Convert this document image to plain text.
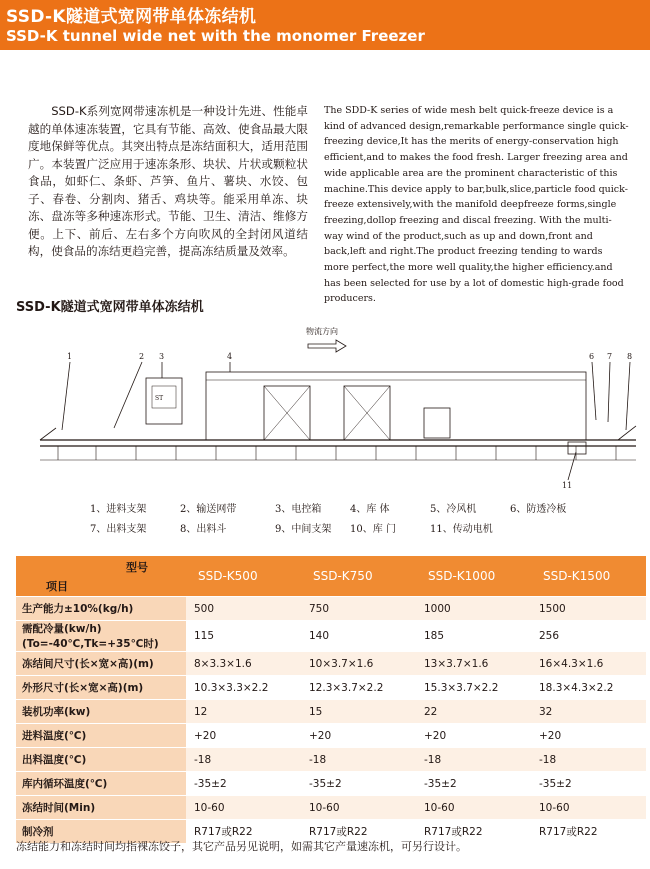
SSD-K隧道式宽网带单体冻结机
SSD-K tunnel wide net with the monomer Freezer
SSD-K系列宽网带速冻机是一种设计先进、性能卓越的单体速冻装置，它具有节能、高效、使食品最大限度地保鲜等优点。其突出特点是冻结面积大，适用范围广。本装置广泛应用于速冻条形、块状、片状或颗粒状食品，如虾仁、条虾、芦笋、鱼片、薯块、水饺、包子、春卷、分割肉、猪舌、鸡块等。能采用单冻、块冻、盘冻等多种速冻形式。节能、卫生、清洁、维修方便。上下、前后、左右多个方向吹风的全封闭风道结构，使食品的冻结更趋完善，提高冻结质量及效率。
The SDD-K series of wide mesh belt quick-freeze device is a kind of advanced design,remarkable performance single quick-freezing device,It has the merits of energy-conservation high efficient,and to makes the food fresh. Larger freezing area and wide applicable area are the prominent characteristic of this machine.This device apply to bar,bulk,slice,particle food quick-freeze extensively,with the manifold deepfreeze forms,single freezing,dollop freezing and discal freezing. With the multi-way wind of the product,such as up and down,front and back,left and right.The product freezing tending to wards more perfect,the more well quality,the higher efficiency.and has been selected for use by a lot of domestic high-grade food producers.
SSD-K隧道式宽网带单体冻结机
物流方向
1	2 3	4	6 7 8
11
ST
1、进料支架	2、输送网带	3、电控箱	4、库 体	5、冷风机	6、防透冷板
7、出料支架	8、出料斗	9、中间支架 10、库 门	11、传动电机
型号
项目	SSD-K500	SSD-K750	SSD-K1000	SSD-K1500
生产能力±10%(kg/h)	500	750	1000	1500
需配冷量(kw/h)(To=-40℃,Tk=+35℃时)	115	140	185	256
冻结间尺寸(长×宽×高)(m)	8×3.3×1.6	10×3.7×1.6	13×3.7×1.6	16×4.3×1.6
外形尺寸(长×宽×高)(m)	10.3×3.3×2.2	12.3×3.7×2.2	15.3×3.7×2.2	18.3×4.3×2.2
装机功率(kw)	12	15	22	32
进料温度(℃)	+20	+20	+20	+20
出料温度(℃)	-18	-18	-18	-18
库内循环温度(℃)	-35±2	-35±2	-35±2	-35±2
冻结时间(Min)	10-60	10-60	10-60	10-60
制冷剂	R717或R22	R717或R22	R717或R22	R717或R22
冻结能力和冻结时间均指裸冻饺子，其它产品另见说明，如需其它产量速冻机，可另行设计。
